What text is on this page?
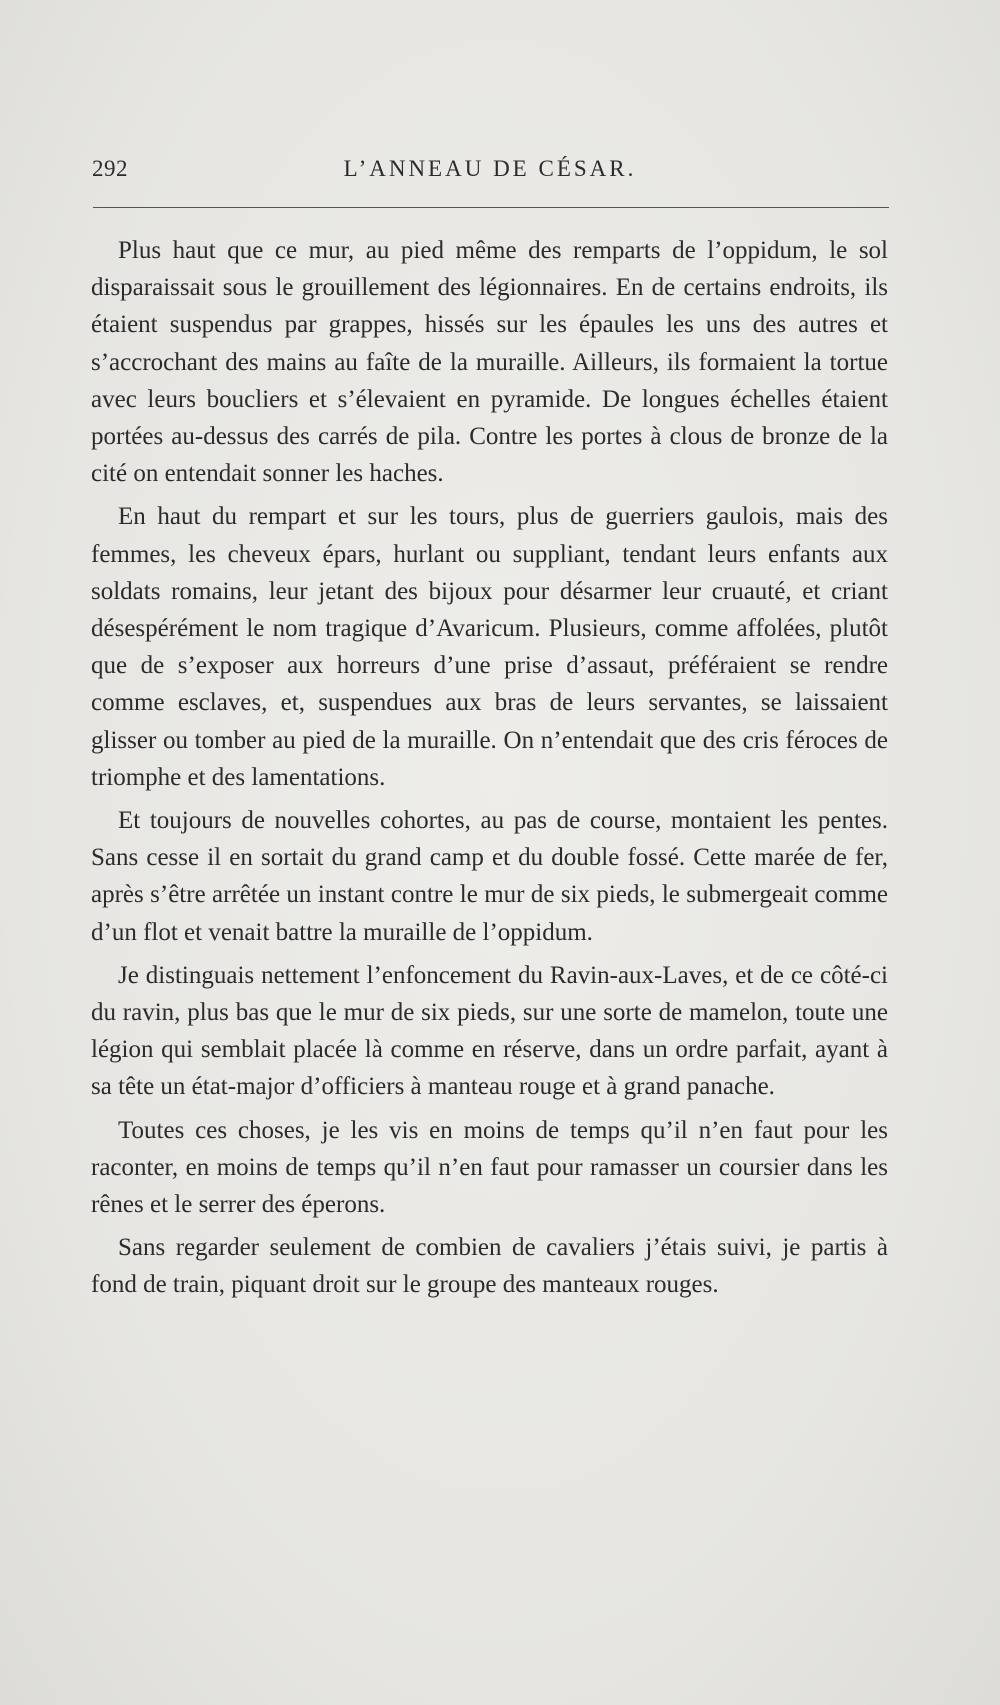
292	L’ANNEAU DE CÉSAR.

Plus haut que ce mur, au pied même des remparts de l’oppidum, le sol disparaissait sous le grouillement des légionnaires. En de certains endroits, ils étaient suspendus par grappes, hissés sur les épaules les uns des autres et s’accrochant des mains au faîte de la muraille. Ailleurs, ils formaient la tortue avec leurs boucliers et s’élevaient en pyramide. De longues échelles étaient portées au-dessus des carrés de pila. Contre les portes à clous de bronze de la cité on entendait sonner les haches.

En haut du rempart et sur les tours, plus de guerriers gaulois, mais des femmes, les cheveux épars, hurlant ou suppliant, tendant leurs enfants aux soldats romains, leur jetant des bijoux pour désarmer leur cruauté, et criant désespérément le nom tragique d’Avaricum. Plusieurs, comme affolées, plutôt que de s’exposer aux horreurs d’une prise d’assaut, préféraient se rendre comme esclaves, et, suspendues aux bras de leurs servantes, se laissaient glisser ou tomber au pied de la muraille. On n’entendait que des cris féroces de triomphe et des lamentations.

Et toujours de nouvelles cohortes, au pas de course, montaient les pentes. Sans cesse il en sortait du grand camp et du double fossé. Cette marée de fer, après s’être arrêtée un instant contre le mur de six pieds, le submergeait comme d’un flot et venait battre la muraille de l’oppidum.

Je distinguais nettement l’enfoncement du Ravin-aux-Laves, et de ce côté-ci du ravin, plus bas que le mur de six pieds, sur une sorte de mamelon, toute une légion qui semblait placée là comme en réserve, dans un ordre parfait, ayant à sa tête un état-major d’officiers à manteau rouge et à grand panache.

Toutes ces choses, je les vis en moins de temps qu’il n’en faut pour les raconter, en moins de temps qu’il n’en faut pour ramasser un coursier dans les rênes et le serrer des éperons.

Sans regarder seulement de combien de cavaliers j’étais suivi, je partis à fond de train, piquant droit sur le groupe des manteaux rouges.
